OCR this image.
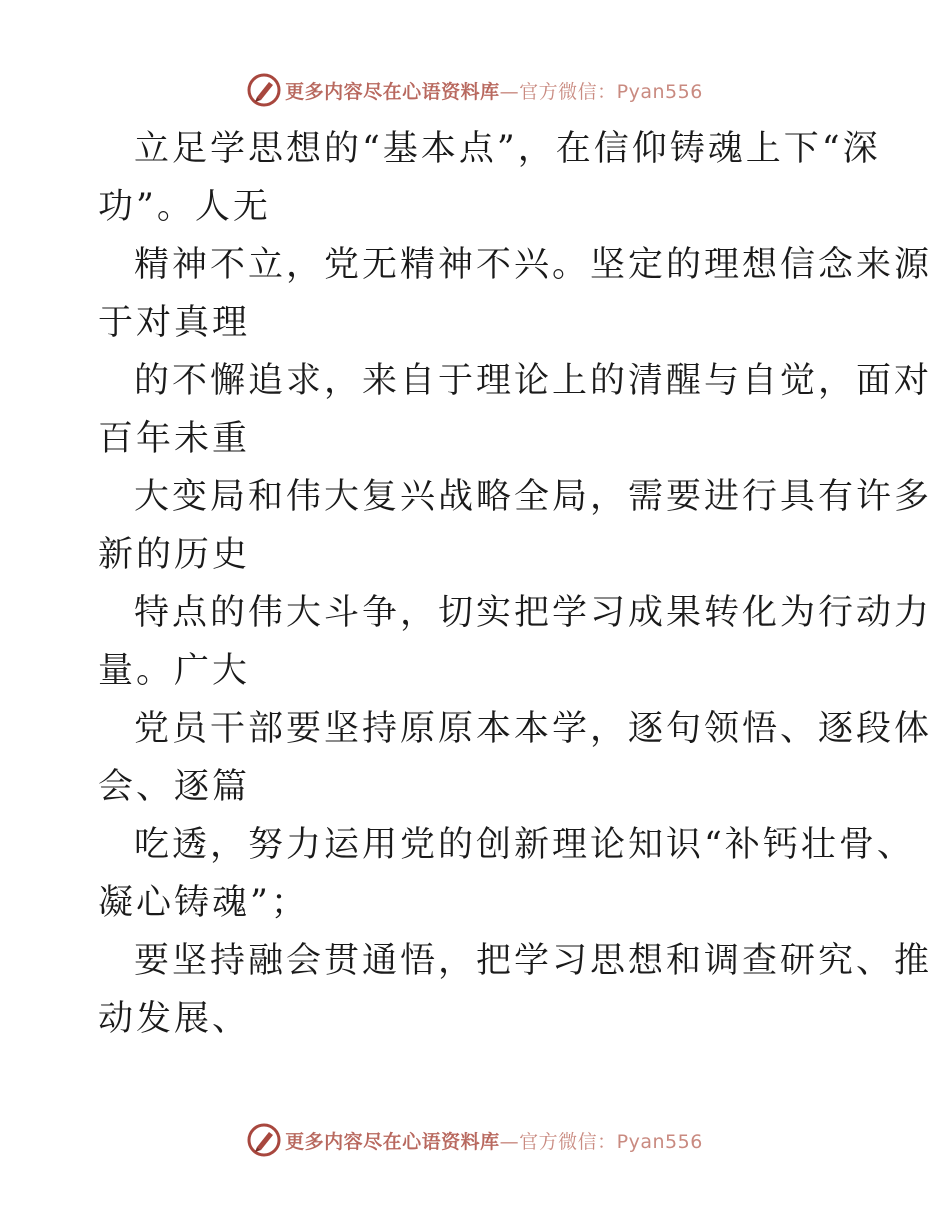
更多内容尽在心语资料库—官方微信：Pyan556
立足学思想的“基本点”，在信仰铸魂上下“深
功”。人无
精神不立，党无精神不兴。坚定的理想信念来源
于对真理
的不懈追求，来自于理论上的清醒与自觉，面对
百年未重
大变局和伟大复兴战略全局，需要进行具有许多
新的历史
特点的伟大斗争，切实把学习成果转化为行动力
量。广大
党员干部要坚持原原本本学，逐句领悟、逐段体
会、逐篇
吃透，努力运用党的创新理论知识“补钙壮骨、
凝心铸魂”；
要坚持融会贯通悟，把学习思想和调查研究、推
动发展、
更多内容尽在心语资料库—官方微信：Pyan556
